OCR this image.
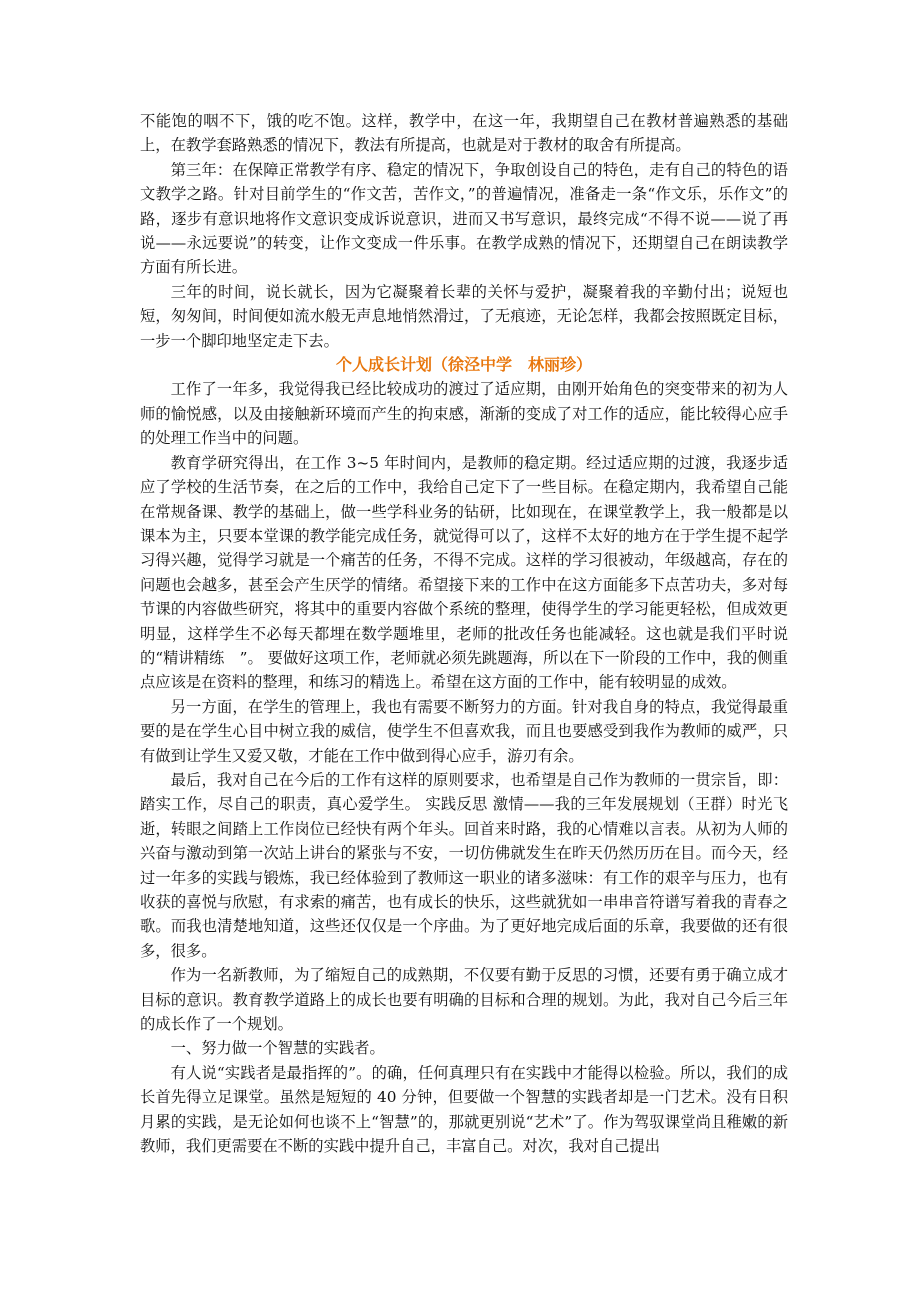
不能饱的咽不下，饿的吃不饱。这样，教学中，在这一年，我期望自己在教材普遍熟悉的基础上，在教学套路熟悉的情况下，教法有所提高，也就是对于教材的取舍有所提高。

第三年：在保障正常教学有序、稳定的情况下，争取创设自己的特色，走有自己的特色的语文教学之路。针对目前学生的“作文苦，苦作文，”的普遍情况，准备走一条“作文乐，乐作文”的路，逐步有意识地将作文意识变成诉说意识，进而又书写意识，最终完成“不得不说——说了再说——永远要说”的转变，让作文变成一件乐事。在教学成熟的情况下，还期望自己在朗读教学方面有所长进。

三年的时间，说长就长，因为它凝聚着长辈的关怀与爱护，凝聚着我的辛勤付出；说短也短，匆匆间，时间便如流水般无声息地悄然滑过，了无痕迹，无论怎样，我都会按照既定目标，一步一个脚印地坚定走下去。

个人成长计划（徐泾中学　林丽珍）

工作了一年多，我觉得我已经比较成功的渡过了适应期，由刚开始角色的突变带来的初为人师的愉悦感，以及由接触新环境而产生的拘束感，渐渐的变成了对工作的适应，能比较得心应手的处理工作当中的问题。

教育学研究得出，在工作 3~5 年时间内，是教师的稳定期。经过适应期的过渡，我逐步适应了学校的生活节奏，在之后的工作中，我给自己定下了一些目标。在稳定期内，我希望自己能在常规备课、教学的基础上，做一些学科业务的钻研，比如现在，在课堂教学上，我一般都是以课本为主，只要本堂课的教学能完成任务，就觉得可以了，这样不太好的地方在于学生提不起学习得兴趣，觉得学习就是一个痛苦的任务，不得不完成。这样的学习很被动，年级越高，存在的问题也会越多，甚至会产生厌学的情绪。希望接下来的工作中在这方面能多下点苦功夫，多对每节课的内容做些研究，将其中的重要内容做个系统的整理，使得学生的学习能更轻松，但成效更明显，这样学生不必每天都埋在数学题堆里，老师的批改任务也能减轻。这也就是我们平时说的“精讲精练　”。 要做好这项工作，老师就必须先跳题海，所以在下一阶段的工作中，我的侧重点应该是在资料的整理，和练习的精选上。希望在这方面的工作中，能有较明显的成效。

另一方面，在学生的管理上，我也有需要不断努力的方面。针对我自身的特点，我觉得最重要的是在学生心目中树立我的威信，使学生不但喜欢我，而且也要感受到我作为教师的威严，只有做到让学生又爱又敬，才能在工作中做到得心应手，游刃有余。

最后，我对自己在今后的工作有这样的原则要求，也希望是自己作为教师的一贯宗旨，即：踏实工作，尽自己的职责，真心爱学生。 实践反思 激情——我的三年发展规划（王群）时光飞逝，转眼之间踏上工作岗位已经快有两个年头。回首来时路，我的心情难以言表。从初为人师的兴奋与激动到第一次站上讲台的紧张与不安，一切仿佛就发生在昨天仍然历历在目。而今天，经过一年多的实践与锻炼，我已经体验到了教师这一职业的诸多滋味：有工作的艰辛与压力，也有收获的喜悦与欣慰，有求索的痛苦，也有成长的快乐，这些就犹如一串串音符谱写着我的青春之歌。而我也清楚地知道，这些还仅仅是一个序曲。为了更好地完成后面的乐章，我要做的还有很多，很多。

作为一名新教师，为了缩短自己的成熟期，不仅要有勤于反思的习惯，还要有勇于确立成才目标的意识。教育教学道路上的成长也要有明确的目标和合理的规划。为此，我对自己今后三年的成长作了一个规划。

一、努力做一个智慧的实践者。

有人说“实践者是最指挥的”。的确，任何真理只有在实践中才能得以检验。所以，我们的成长首先得立足课堂。虽然是短短的 40 分钟，但要做一个智慧的实践者却是一门艺术。没有日积月累的实践，是无论如何也谈不上“智慧”的，那就更别说“艺术”了。作为驾驭课堂尚且稚嫩的新教师，我们更需要在不断的实践中提升自己，丰富自己。对次，我对自己提出
